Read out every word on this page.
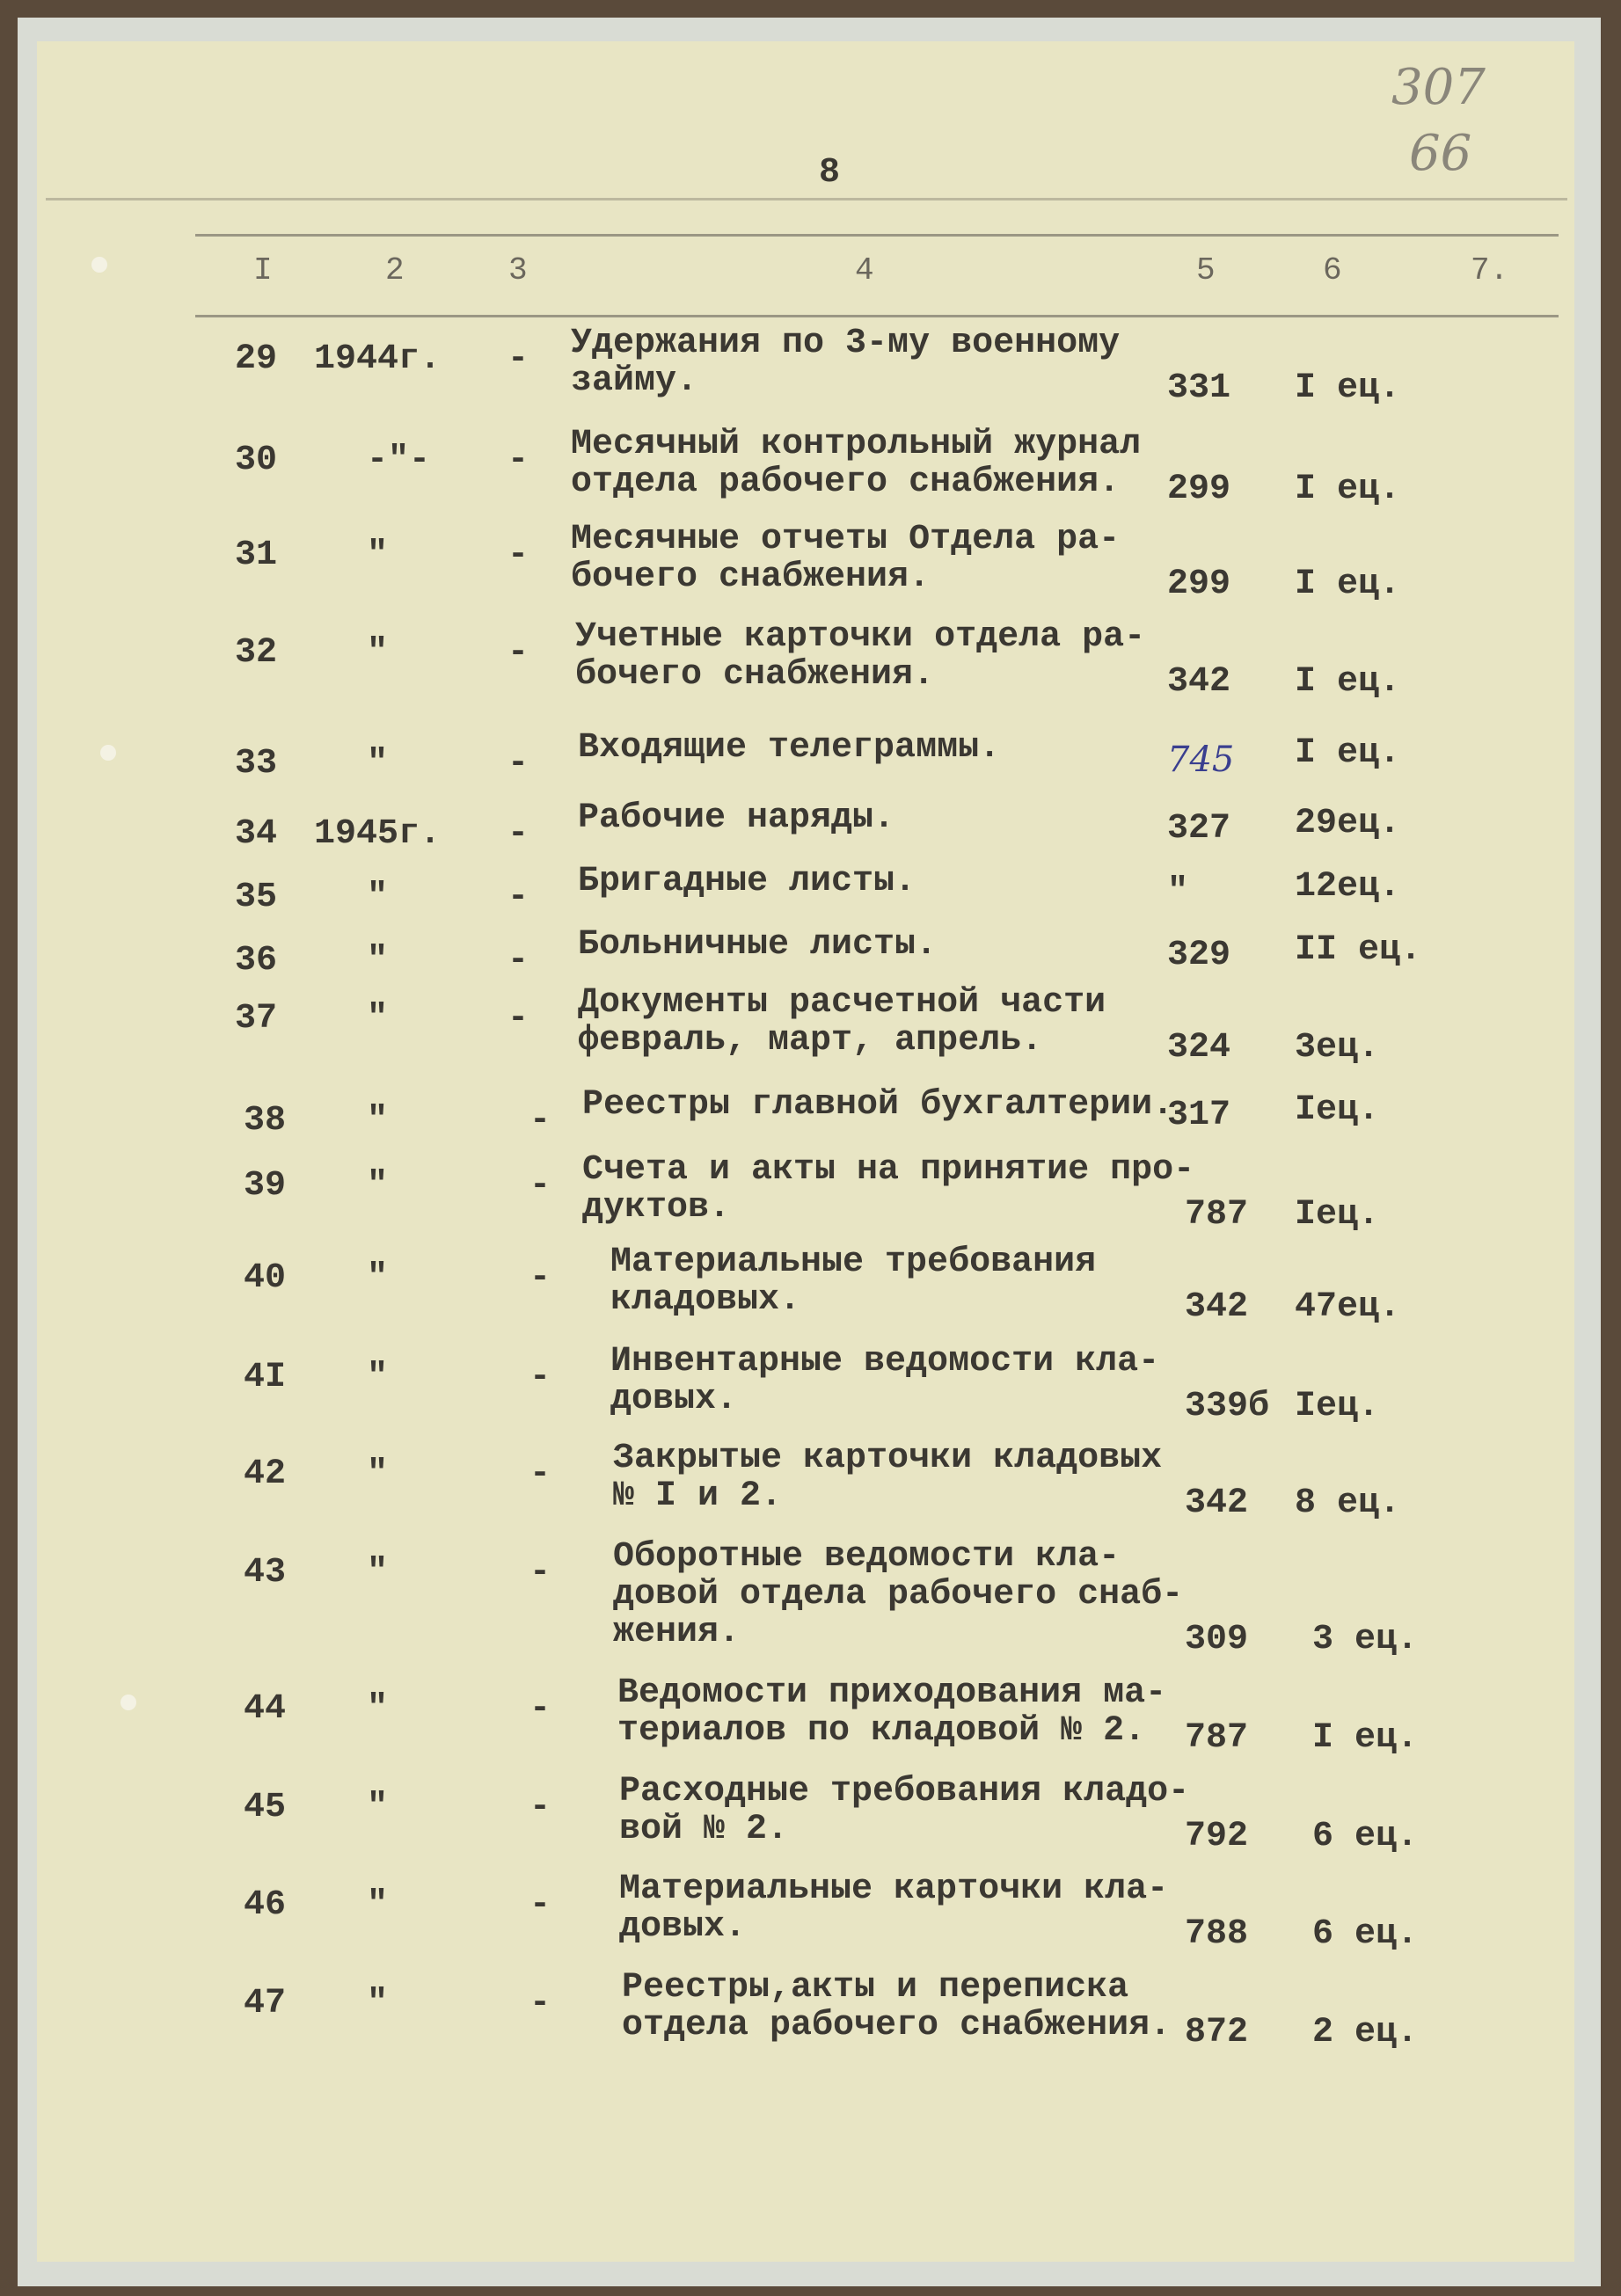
307
66
8
I	2	3	4	5	6	7.
29 1944г. - Удержания по 3-му военному
займу.	331 I ец.
30	-"- - Месячный контрольный журнал
отдела рабочего снабжения.	299 I ец.
31	"	- Месячные отчеты Отдела ра-
бочего снабжения.	299 I ец.
32	"	- Учетные карточки отдела ра-
бочего снабжения.	342 I ец.
33	"	- Входящие телеграммы.	745 I ец.
34 1945г. - Рабочие наряды.	327 29ец.
35	"	- Бригадные листы.	"	12ец.
36	"	- Больничные листы.	329 II ец.
37	"	- Документы расчетной части
февраль, март, апрель.	324 3ец.
38 "	- Реестры главной бухгалтерии.
317 Iец.
39 "	- Счета и акты на принятие про-
дуктов.	787 Iец.
40 "	- Материальные требования
кладовых.	342 47ец.
4I "	- Инвентарные ведомости кла-
довых.	339б Iец.
42 "	- Закрытые карточки кладовых
№ I и 2.	342 8 ец.
43 "	- Оборотные ведомости кла-
довой отдела рабочего снаб-
жения.	309 3 ец.
44 "	- Ведомости приходования ма-
териалов по кладовой № 2.	787 I ец.
45 "	- Расходные требования кладо-
вой № 2.	792 6 ец.
46 "	- Материальные карточки кла-
довых.	788 6 ец.
47 "	- Реестры,акты и переписка
отдела рабочего снабжения. 872 2 ец.
